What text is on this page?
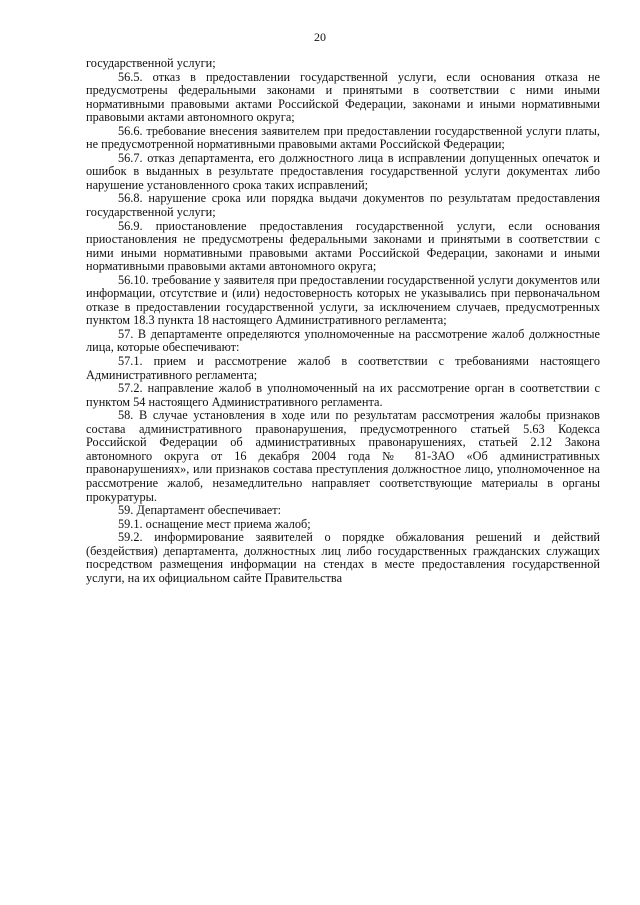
20

государственной услуги;

56.5. отказ в предоставлении государственной услуги, если основания отказа не предусмотрены федеральными законами и принятыми в соответствии с ними иными нормативными правовыми актами Российской Федерации, законами и иными нормативными правовыми актами автономного округа;

56.6. требование внесения заявителем при предоставлении государственной услуги платы, не предусмотренной нормативными правовыми актами Российской Федерации;

56.7. отказ департамента, его должностного лица в исправлении допущенных опечаток и ошибок в выданных в результате предоставления государственной услуги документах либо нарушение установленного срока таких исправлений;

56.8. нарушение срока или порядка выдачи документов по результатам предоставления государственной услуги;

56.9. приостановление предоставления государственной услуги, если основания приостановления не предусмотрены федеральными законами и принятыми в соответствии с ними иными нормативными правовыми актами Российской Федерации, законами и иными нормативными правовыми актами автономного округа;

56.10. требование у заявителя при предоставлении государственной услуги документов или информации, отсутствие и (или) недостоверность которых не указывались при первоначальном отказе в предоставлении государственной услуги, за исключением случаев, предусмотренных пунктом 18.3 пункта 18 настоящего Административного регламента;

57. В департаменте определяются уполномоченные на рассмотрение жалоб должностные лица, которые обеспечивают:

57.1. прием и рассмотрение жалоб в соответствии с требованиями настоящего Административного регламента;

57.2. направление жалоб в уполномоченный на их рассмотрение орган в соответствии с пунктом 54 настоящего Административного регламента.

58. В случае установления в ходе или по результатам рассмотрения жалобы признаков состава административного правонарушения, предусмотренного статьей 5.63 Кодекса Российской Федерации об административных правонарушениях, статьей 2.12 Закона автономного округа от 16 декабря 2004 года № 81-ЗАО «Об административных правонарушениях», или признаков состава преступления должностное лицо, уполномоченное на рассмотрение жалоб, незамедлительно направляет соответствующие материалы в органы прокуратуры.

59. Департамент обеспечивает:

59.1. оснащение мест приема жалоб;

59.2. информирование заявителей о порядке обжалования решений и действий (бездействия) департамента, должностных лиц либо государственных гражданских служащих посредством размещения информации на стендах в месте предоставления государственной услуги, на их официальном сайте Правительства
